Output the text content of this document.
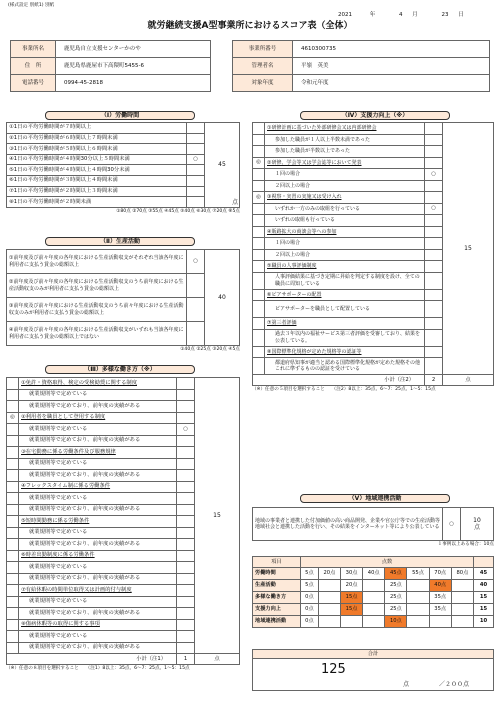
(様式設定 別紙1) 別紙
2021	年	4 月	23 日
就労継続支援A型事業所におけるスコア表（全体）
事業所名	鹿児島自立支援センターかのや		事業所番号	4610300735
住　所	鹿児島県鹿屋市下高隈町5455-6		管理者名	平嶺　英美
電話番号	0994-45-2818		対象年度	令和元年度
（Ⅰ）労働時間
①1日の平均労働時間が７時間以上		45
点

②1日の平均労働時間が６時間以上７時間未満		
③1日の平均労働時間が５時間以上６時間未満		
④1日の平均労働時間が４時間30分以上５時間未満	○	
⑤1日の平均労働時間が４時間以上４時間30分未満		
⑥1日の平均労働時間が３時間以上４時間未満		
⑦1日の平均労働時間が２時間以上３時間未満		
⑧1日の平均労働時間が２時間未満		
①80点 ②70点 ③55点 ④45点 ⑤40点 ⑥30点 ⑦20点 ⑧5点
（Ⅱ）生産活動
①前年度及び前々年度の各年度における生産活動収支がそれぞれ当該各年度に利用者に支払う賃金の総額以上	○	40
②前年度及び前々年度の各年度における生産活動収支のうち前年度における生産活動収支のみが利用者に支払う賃金の総額以上		
③前年度及び前々年度における生産活動収支のうち前々年度における生産活動収支のみが利用者に支払う賃金の総額以上		
④前年度及び前々年度の各年度における生産活動収支がいずれも当該各年度に利用者に支払う賃金の総額以上ではない		
①40点 ②25点 ③20点 ④5点
（Ⅲ）多様な働き方（※）
	①免許・資格取得、検定の受検勧奨に関する制度		15
	就業規則等で定めている		
	就業規則等で定めており、前年度の実績がある		
◎	②利用者を職員として登用する制度		
	就業規則等で定めている	○	
	就業規則等で定めており、前年度の実績がある		
	③在宅勤務に係る労働条件及び服務規律		
	就業規則等で定めている		
	就業規則等で定めており、前年度の実績がある		
	④フレックスタイム制に係る労働条件		
	就業規則等で定めている		
	就業規則等で定めており、前年度の実績がある		
	⑤短時間勤務に係る労働条件		
	就業規則等で定めている		
	就業規則等で定めており、前年度の実績がある		
	⑥時差出勤制度に係る労働条件		
	就業規則等で定めている		
	就業規則等で定めており、前年度の実績がある		
	⑦有給休暇の時間単位取得又は計画的付与制度		
	就業規則等で定めている		
	就業規則等で定めており、前年度の実績がある		
	⑧傷病休暇等の取得に関する事項		
	就業規則等で定めている		
	就業規則等で定めており、前年度の実績がある		
小計（注1）		1	点
（※）任意の８項目を選択すること　　（注1）8以上：35点、6〜7：25点、1〜5：15点
（Ⅳ）支援力向上（※）
	①研修計画に基づいた外部研修会又は内部研修会		15
	参加した職員が１人以上半数未満であった		
	参加した職員が半数以上であった		
◎	②研修、学会等又は学会誌等において発表		
	１回の場合	○	
	２回以上の場合		
◎	③視察・実習の実施又は受け入れ		
	いずれか一方のみの取組を行っている	○	
	いずれの取組も行っている		
	④販路拡大の商談会等への参加		
	１回の場合		
	２回以上の場合		
	⑤職員の人事評価制度		
	人事評価結果に基づき定期に昇給を判定する制度を設け、全ての職員に周知している		
	⑥ピアサポーターの配置		
	ピアサポーターを職員として配置している		
	⑦第三者評価		
	過去３年以内の福祉サービス第三者評価を受審しており、結果を公表している。		
	⑧国際標準化規格が定めた規格等の認証等		
	都道府県知事が適当と認める国際標準化規格が定めた規格その他これに準ずるものの認証を受けている		
小計（注2）		2	点
（※）任意の５項目を選択すること　　（注2）8以上：35点、6〜7：25点、1〜5：15点
（Ⅴ）地域連携活動
地域の事業者と連携した付加価値の高い商品開発、企業や官公庁等での生産活動等地域社会と連携した活動を行い、その結果をインターネット等により公表している	○	10
点
１事例以上ある場合：10点
項目	点数								
労働時間	5点	20点	30点	40点	45点	55点	70点	80点	45
生産活動	5点		20点		25点		40点		40
多様な働き方	0点		15点		25点		35点		15
支援力向上	0点		15点		25点		35点		15
地域連携活動	0点				10点				10
合計
125
点	／２００点
